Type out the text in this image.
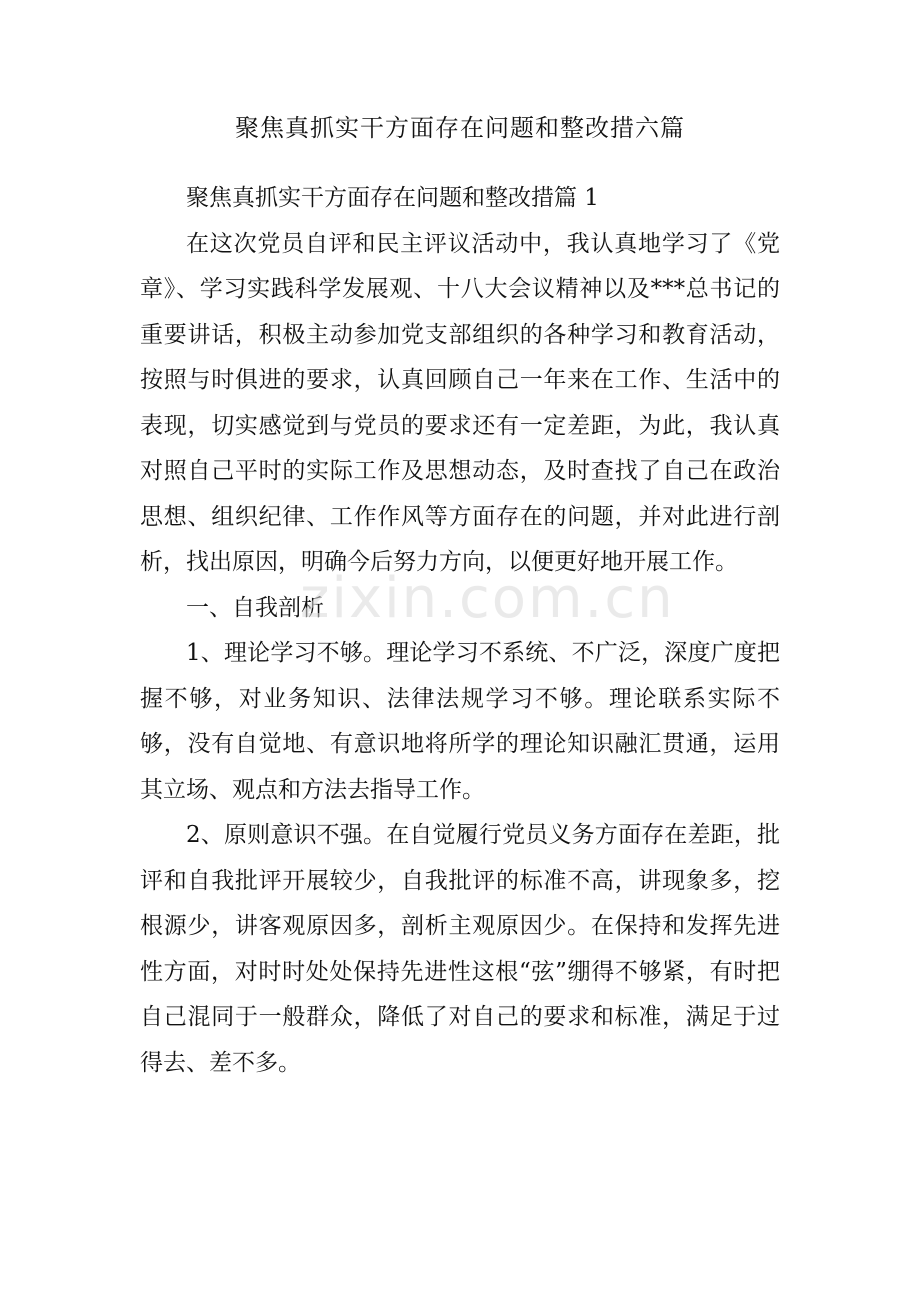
聚焦真抓实干方面存在问题和整改措六篇

聚焦真抓实干方面存在问题和整改措篇 1

在这次党员自评和民主评议活动中，我认真地学习了《党章》、学习实践科学发展观、十八大会议精神以及***总书记的重要讲话，积极主动参加党支部组织的各种学习和教育活动，按照与时俱进的要求，认真回顾自己一年来在工作、生活中的表现，切实感觉到与党员的要求还有一定差距，为此，我认真对照自己平时的实际工作及思想动态，及时查找了自己在政治思想、组织纪律、工作作风等方面存在的问题，并对此进行剖析，找出原因，明确今后努力方向，以便更好地开展工作。

一、自我剖析

1、理论学习不够。理论学习不系统、不广泛，深度广度把握不够，对业务知识、法律法规学习不够。理论联系实际不够，没有自觉地、有意识地将所学的理论知识融汇贯通，运用其立场、观点和方法去指导工作。

2、原则意识不强。在自觉履行党员义务方面存在差距，批评和自我批评开展较少，自我批评的标准不高，讲现象多，挖根源少，讲客观原因多，剖析主观原因少。在保持和发挥先进性方面，对时时处处保持先进性这根“弦”绷得不够紧，有时把自己混同于一般群众，降低了对自己的要求和标准，满足于过得去、差不多。

zixin.com.cn
